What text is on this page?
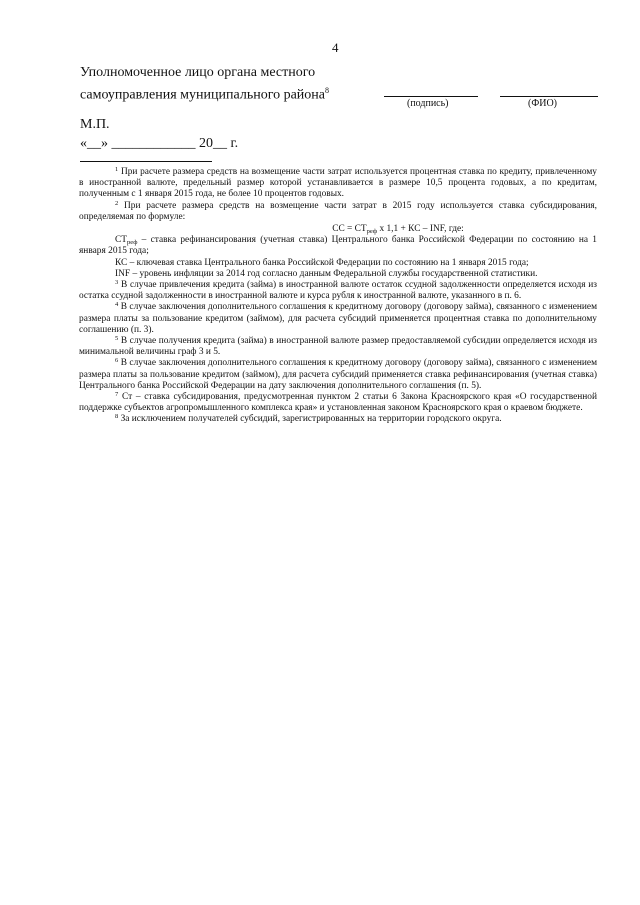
4
Уполномоченное лицо органа местного
самоуправления муниципального района$^8$
(подпись)	(ФИО)
М.П.
«__» ____________ 20__ г.

$^1$ При расчете размера средств на возмещение части затрат используется процентная ставка по кредиту, привлеченному в иностранной валюте, предельный размер которой устанавливается в размере 10,5 процента годовых, а по кредитам, полученным с 1 января 2015 года, не более 10 процентов годовых.

$^2$ При расчете размера средств на возмещение части затрат в 2015 году используется ставка субсидирования, определяемая по формуле:

СС = $СТ_{реф}$ x 1,1 + КС – INF, где:

$СТ_{реф}$ – ставка рефинансирования (учетная ставка) Центрального банка Российской Федерации по состоянию на 1 января 2015 года;

КС – ключевая ставка Центрального банка Российской Федерации по состоянию на 1 января 2015 года;

INF – уровень инфляции за 2014 год согласно данным Федеральной службы государственной статистики.

$^3$ В случае привлечения кредита (займа) в иностранной валюте остаток ссудной задолженности определяется исходя из остатка ссудной задолженности в иностранной валюте и курса рубля к иностранной валюте, указанного в п. 6.

$^4$ В случае заключения дополнительного соглашения к кредитному договору (договору займа), связанного с изменением размера платы за пользование кредитом (займом), для расчета субсидий применяется процентная ставка по дополнительному соглашению (п. 3).

$^5$ В случае получения кредита (займа) в иностранной валюте размер предоставляемой субсидии определяется исходя из минимальной величины граф 3 и 5.

$^6$ В случае заключения дополнительного соглашения к кредитному договору (договору займа), связанного с изменением размера платы за пользование кредитом (займом), для расчета субсидий применяется ставка рефинансирования (учетная ставка) Центрального банка Российской Федерации на дату заключения дополнительного соглашения (п. 5).

$^7$ Ст – ставка субсидирования, предусмотренная пунктом 2 статьи 6 Закона Красноярского края «О государственной поддержке субъектов агропромышленного комплекса края» и установленная законом Красноярского края о краевом бюджете.

$^8$ За исключением получателей субсидий, зарегистрированных на территории городского округа.
